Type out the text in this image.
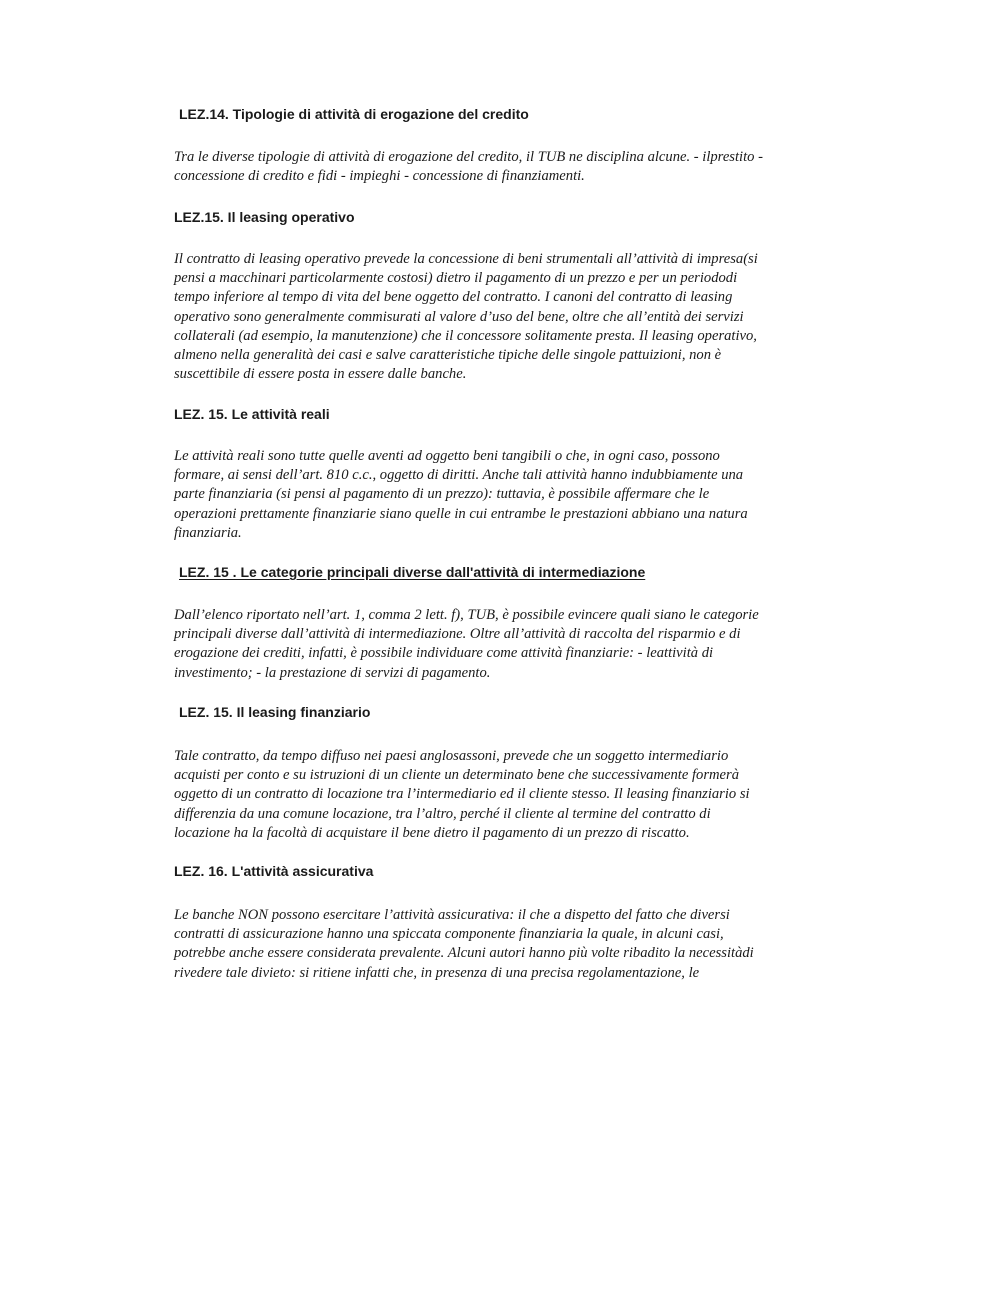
LEZ.14. Tipologie di attività di erogazione del credito

Tra le diverse tipologie di attività di erogazione del credito, il TUB ne disciplina alcune. - ilprestito -
concessione di credito e fidi - impieghi - concessione di finanziamenti.

LEZ.15. Il leasing operativo

Il contratto di leasing operativo prevede la concessione di beni strumentali all’attività di impresa(si
pensi a macchinari particolarmente costosi) dietro il pagamento di un prezzo e per un periododi
tempo inferiore al tempo di vita del bene oggetto del contratto. I canoni del contratto di leasing
operativo sono generalmente commisurati al valore d’uso del bene, oltre che all’entità dei servizi
collaterali (ad esempio, la manutenzione) che il concessore solitamente presta. Il leasing operativo,
almeno nella generalità dei casi e salve caratteristiche tipiche delle singole pattuizioni, non è
suscettibile di essere posta in essere dalle banche.

LEZ. 15. Le attività reali

Le attività reali sono tutte quelle aventi ad oggetto beni tangibili o che, in ogni caso, possono
formare, ai sensi dell’art. 810 c.c., oggetto di diritti. Anche tali attività hanno indubbiamente una
parte finanziaria (si pensi al pagamento di un prezzo): tuttavia, è possibile affermare che le
operazioni prettamente finanziarie siano quelle in cui entrambe le prestazioni abbiano una natura
finanziaria.

LEZ. 15 . Le categorie principali diverse dall'attività di intermediazione

Dall’elenco riportato nell’art. 1, comma 2 lett. f), TUB, è possibile evincere quali siano le categorie
principali diverse dall’attività di intermediazione. Oltre all’attività di raccolta del risparmio e di
erogazione dei crediti, infatti, è possibile individuare come attività finanziarie: - leattività di
investimento; - la prestazione di servizi di pagamento.

LEZ. 15. Il leasing finanziario

Tale contratto, da tempo diffuso nei paesi anglosassoni, prevede che un soggetto intermediario
acquisti per conto e su istruzioni di un cliente un determinato bene che successivamente formerà
oggetto di un contratto di locazione tra l’intermediario ed il cliente stesso. Il leasing finanziario si
differenzia da una comune locazione, tra l’altro, perché il cliente al termine del contratto di
locazione ha la facoltà di acquistare il bene dietro il pagamento di un prezzo di riscatto.

LEZ. 16. L'attività assicurativa

Le banche NON possono esercitare l’attività assicurativa: il che a dispetto del fatto che diversi
contratti di assicurazione hanno una spiccata componente finanziaria la quale, in alcuni casi,
potrebbe anche essere considerata prevalente. Alcuni autori hanno più volte ribadito la necessitàdi
rivedere tale divieto: si ritiene infatti che, in presenza di una precisa regolamentazione, le
